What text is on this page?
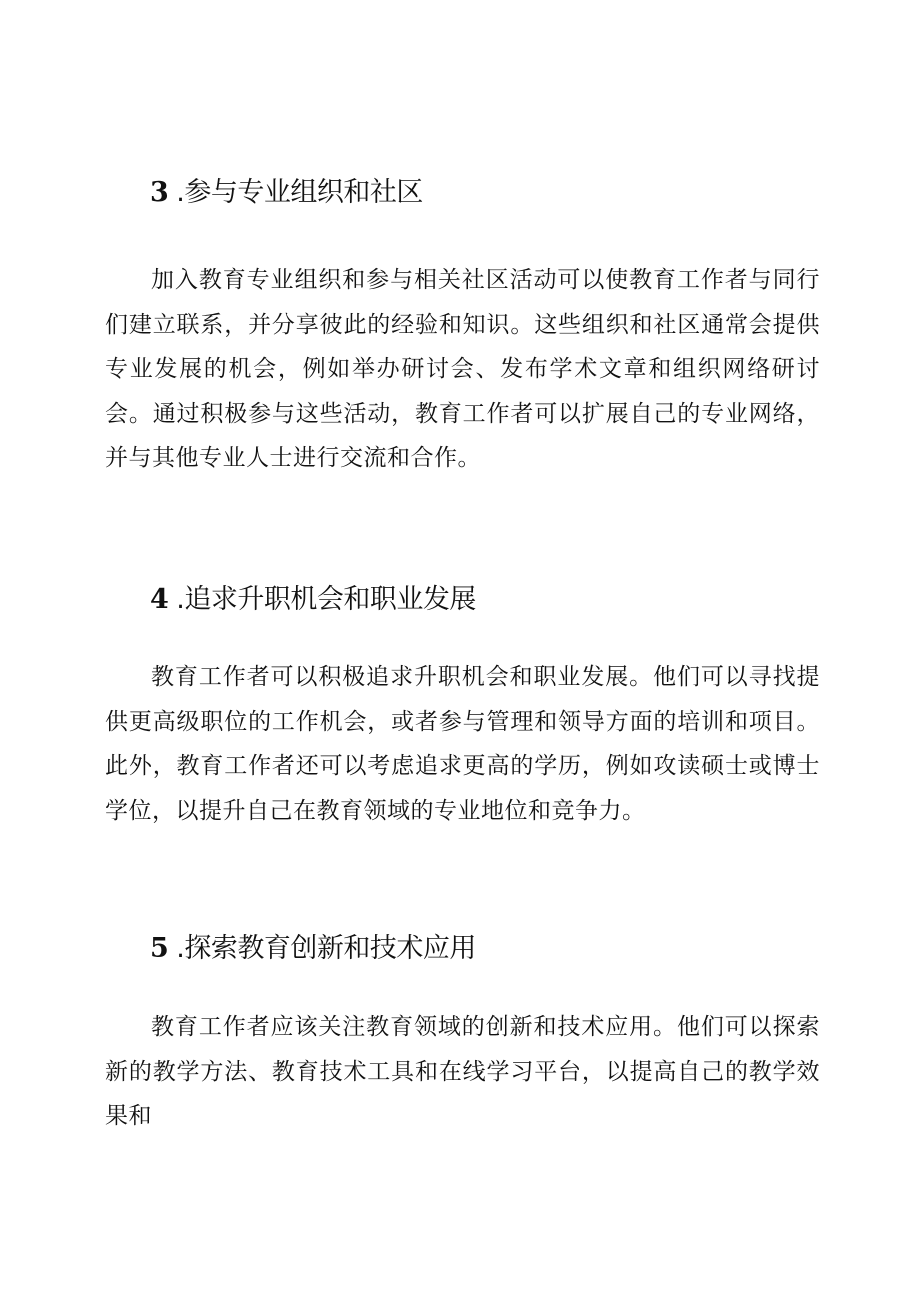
3 .参与专业组织和社区

加入教育专业组织和参与相关社区活动可以使教育工作者与同行们建立联系，并分享彼此的经验和知识。这些组织和社区通常会提供专业发展的机会，例如举办研讨会、发布学术文章和组织网络研讨会。通过积极参与这些活动，教育工作者可以扩展自己的专业网络，并与其他专业人士进行交流和合作。

4 .追求升职机会和职业发展

教育工作者可以积极追求升职机会和职业发展。他们可以寻找提供更高级职位的工作机会，或者参与管理和领导方面的培训和项目。此外，教育工作者还可以考虑追求更高的学历，例如攻读硕士或博士学位，以提升自己在教育领域的专业地位和竞争力。

5 .探索教育创新和技术应用

教育工作者应该关注教育领域的创新和技术应用。他们可以探索新的教学方法、教育技术工具和在线学习平台，以提高自己的教学效果和
